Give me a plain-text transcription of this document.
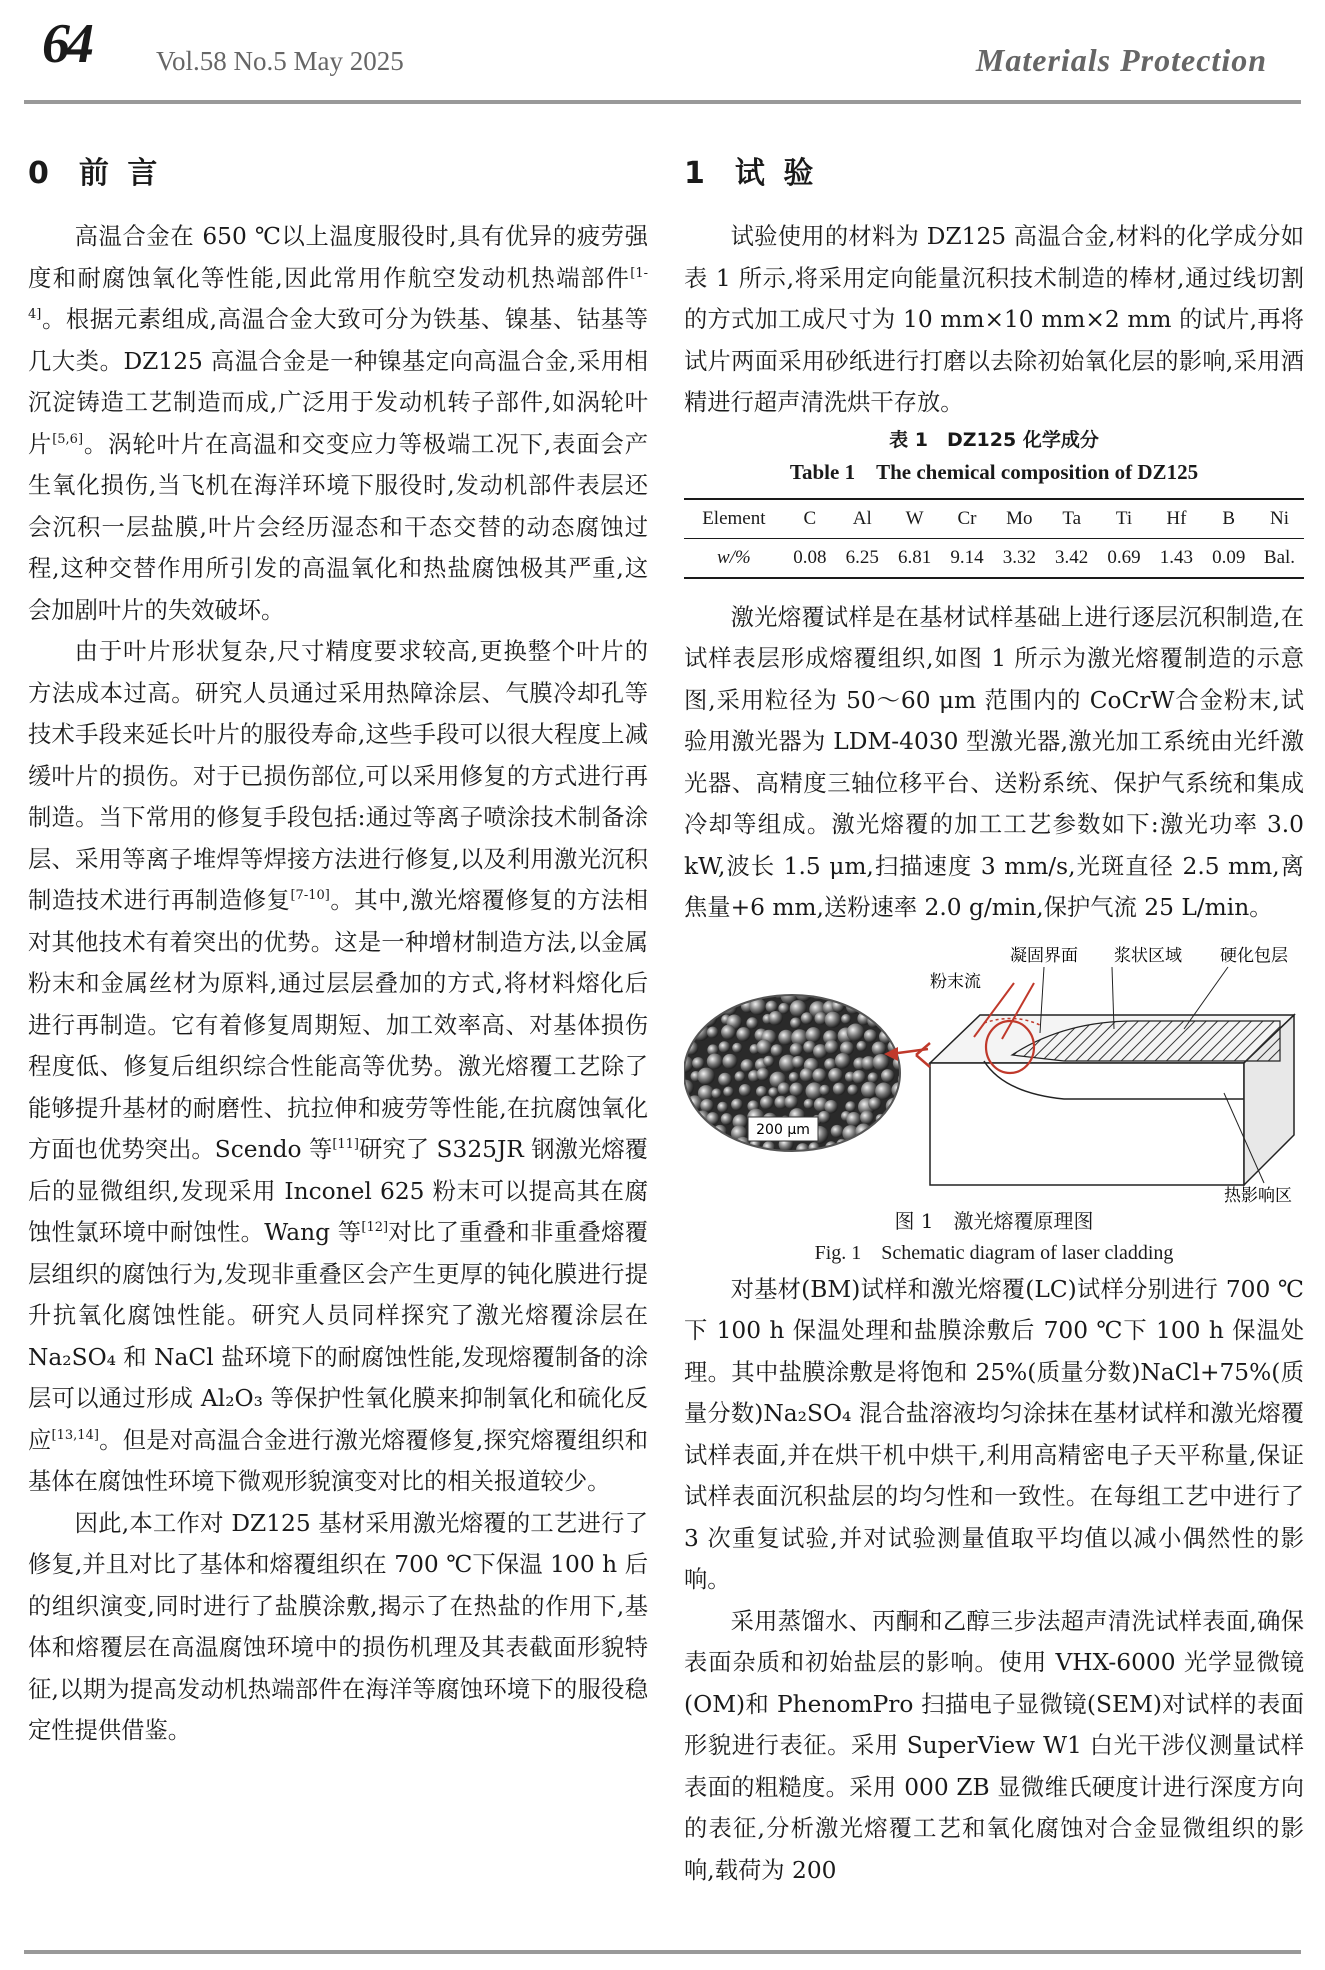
64 Vol.58 No.5 May 2025	Materials Protection
0 前 言

高温合金在 650 ℃以上温度服役时,具有优异的疲劳强度和耐腐蚀氧化等性能,因此常用作航空发动机热端部件[1-4]。根据元素组成,高温合金大致可分为铁基、镍基、钴基等几大类。DZ125 高温合金是一种镍基定向高温合金,采用相沉淀铸造工艺制造而成,广泛用于发动机转子部件,如涡轮叶片[5,6]。涡轮叶片在高温和交变应力等极端工况下,表面会产生氧化损伤,当飞机在海洋环境下服役时,发动机部件表层还会沉积一层盐膜,叶片会经历湿态和干态交替的动态腐蚀过程,这种交替作用所引发的高温氧化和热盐腐蚀极其严重,这会加剧叶片的失效破坏。

由于叶片形状复杂,尺寸精度要求较高,更换整个叶片的方法成本过高。研究人员通过采用热障涂层、气膜冷却孔等技术手段来延长叶片的服役寿命,这些手段可以很大程度上减缓叶片的损伤。对于已损伤部位,可以采用修复的方式进行再制造。当下常用的修复手段包括:通过等离子喷涂技术制备涂层、采用等离子堆焊等焊接方法进行修复,以及利用激光沉积制造技术进行再制造修复[7-10]。其中,激光熔覆修复的方法相对其他技术有着突出的优势。这是一种增材制造方法,以金属粉末和金属丝材为原料,通过层层叠加的方式,将材料熔化后进行再制造。它有着修复周期短、加工效率高、对基体损伤程度低、修复后组织综合性能高等优势。激光熔覆工艺除了能够提升基材的耐磨性、抗拉伸和疲劳等性能,在抗腐蚀氧化方面也优势突出。Scendo 等[11]研究了 S325JR 钢激光熔覆后的显微组织,发现采用 Inconel 625 粉末可以提高其在腐蚀性氯环境中耐蚀性。Wang 等[12]对比了重叠和非重叠熔覆层组织的腐蚀行为,发现非重叠区会产生更厚的钝化膜进行提升抗氧化腐蚀性能。研究人员同样探究了激光熔覆涂层在 Na₂SO₄ 和 NaCl 盐环境下的耐腐蚀性能,发现熔覆制备的涂层可以通过形成 Al₂O₃ 等保护性氧化膜来抑制氧化和硫化反应[13,14]。但是对高温合金进行激光熔覆修复,探究熔覆组织和基体在腐蚀性环境下微观形貌演变对比的相关报道较少。

因此,本工作对 DZ125 基材采用激光熔覆的工艺进行了修复,并且对比了基体和熔覆组织在 700 ℃下保温 100 h 后的组织演变,同时进行了盐膜涂敷,揭示了在热盐的作用下,基体和熔覆层在高温腐蚀环境中的损伤机理及其表截面形貌特征,以期为提高发动机热端部件在海洋等腐蚀环境下的服役稳定性提供借鉴。

1 试 验

试验使用的材料为 DZ125 高温合金,材料的化学成分如表 1 所示,将采用定向能量沉积技术制造的棒材,通过线切割的方式加工成尺寸为 10 mm×10 mm×2 mm 的试片,再将试片两面采用砂纸进行打磨以去除初始氧化层的影响,采用酒精进行超声清洗烘干存放。

表 1　DZ125 化学成分
Table 1　The chemical composition of DZ125
Element	C	Al	W	Cr	Mo	Ta	Ti	Hf	B	Ni
w/%	0.08	6.25	6.81	9.14	3.32	3.42	0.69	1.43	0.09	Bal.

激光熔覆试样是在基材试样基础上进行逐层沉积制造,在试样表层形成熔覆组织,如图 1 所示为激光熔覆制造的示意图,采用粒径为 50～60 μm 范围内的 CoCrW合金粉末,试验用激光器为 LDM-4030 型激光器,激光加工系统由光纤激光器、高精度三轴位移平台、送粉系统、保护气系统和集成冷却等组成。激光熔覆的加工工艺参数如下:激光功率 3.0 kW,波长 1.5 μm,扫描速度 3 mm/s,光斑直径 2.5 mm,离焦量+6 mm,送粉速率 2.0 g/min,保护气流 25 L/min。

200 μm
粉末流
凝固界面 浆状区域 硬化包层
热影响区
图 1　激光熔覆原理图
Fig. 1　Schematic diagram of laser cladding

对基材(BM)试样和激光熔覆(LC)试样分别进行 700 ℃下 100 h 保温处理和盐膜涂敷后 700 ℃下 100 h 保温处理。其中盐膜涂敷是将饱和 25%(质量分数)NaCl+75%(质量分数)Na₂SO₄ 混合盐溶液均匀涂抹在基材试样和激光熔覆试样表面,并在烘干机中烘干,利用高精密电子天平称量,保证试样表面沉积盐层的均匀性和一致性。在每组工艺中进行了 3 次重复试验,并对试验测量值取平均值以减小偶然性的影响。

采用蒸馏水、丙酮和乙醇三步法超声清洗试样表面,确保表面杂质和初始盐层的影响。使用 VHX-6000 光学显微镜(OM)和 PhenomPro 扫描电子显微镜(SEM)对试样的表面形貌进行表征。采用 SuperView W1 白光干涉仪测量试样表面的粗糙度。采用 000 ZB 显微维氏硬度计进行深度方向的表征,分析激光熔覆工艺和氧化腐蚀对合金显微组织的影响,载荷为 200
